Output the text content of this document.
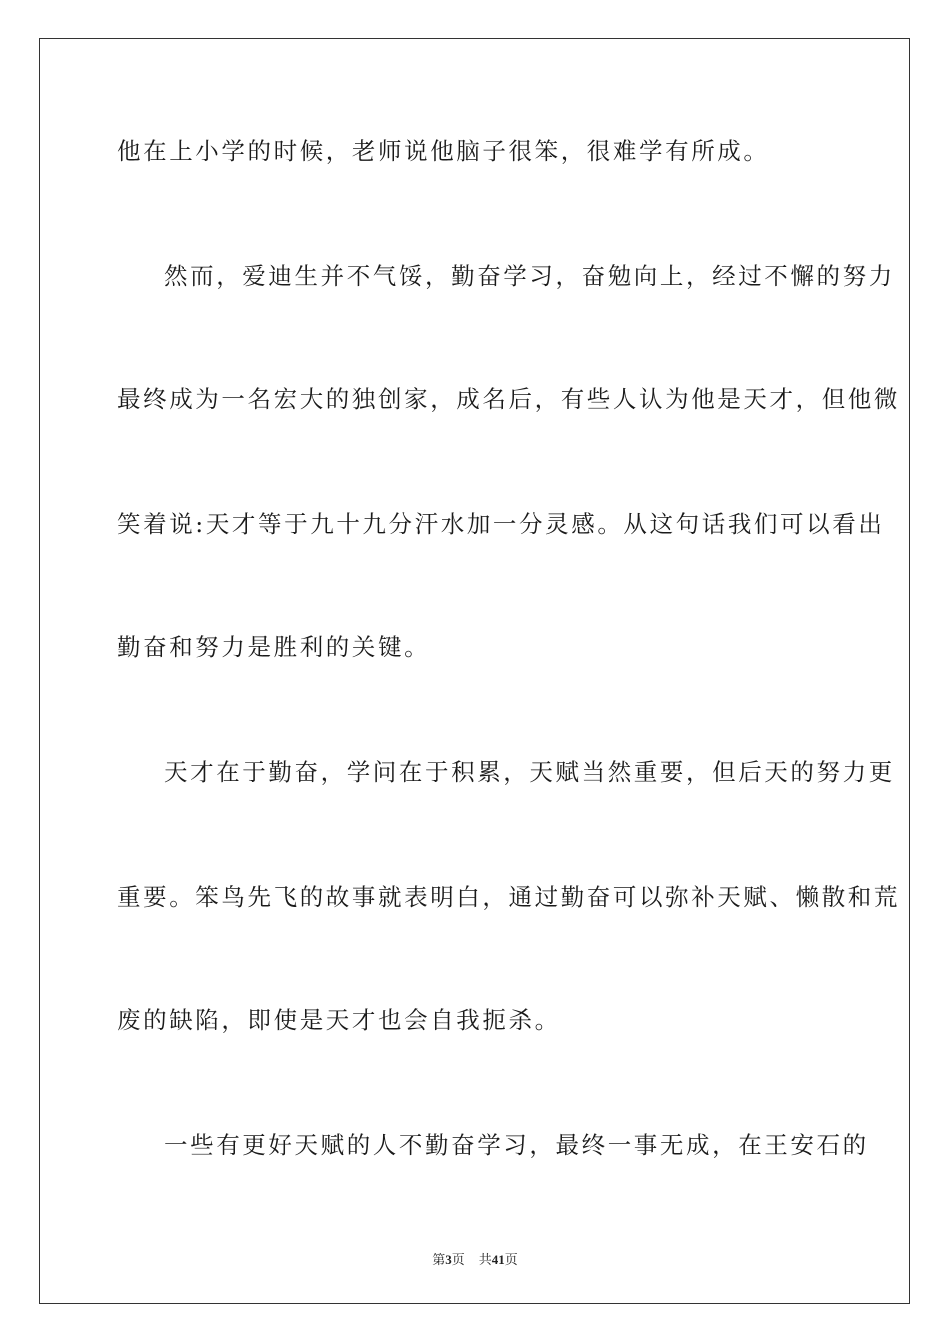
他在上小学的时候，老师说他脑子很笨，很难学有所成。
然而，爱迪生并不气馁，勤奋学习，奋勉向上，经过不懈的努力
最终成为一名宏大的独创家，成名后，有些人认为他是天才，但他微
笑着说:天才等于九十九分汗水加一分灵感。从这句话我们可以看出
勤奋和努力是胜利的关键。
天才在于勤奋，学问在于积累，天赋当然重要，但后天的努力更
重要。笨鸟先飞的故事就表明白，通过勤奋可以弥补天赋、懒散和荒
废的缺陷，即使是天才也会自我扼杀。
一些有更好天赋的人不勤奋学习，最终一事无成，在王安石的
第3页 共41页
